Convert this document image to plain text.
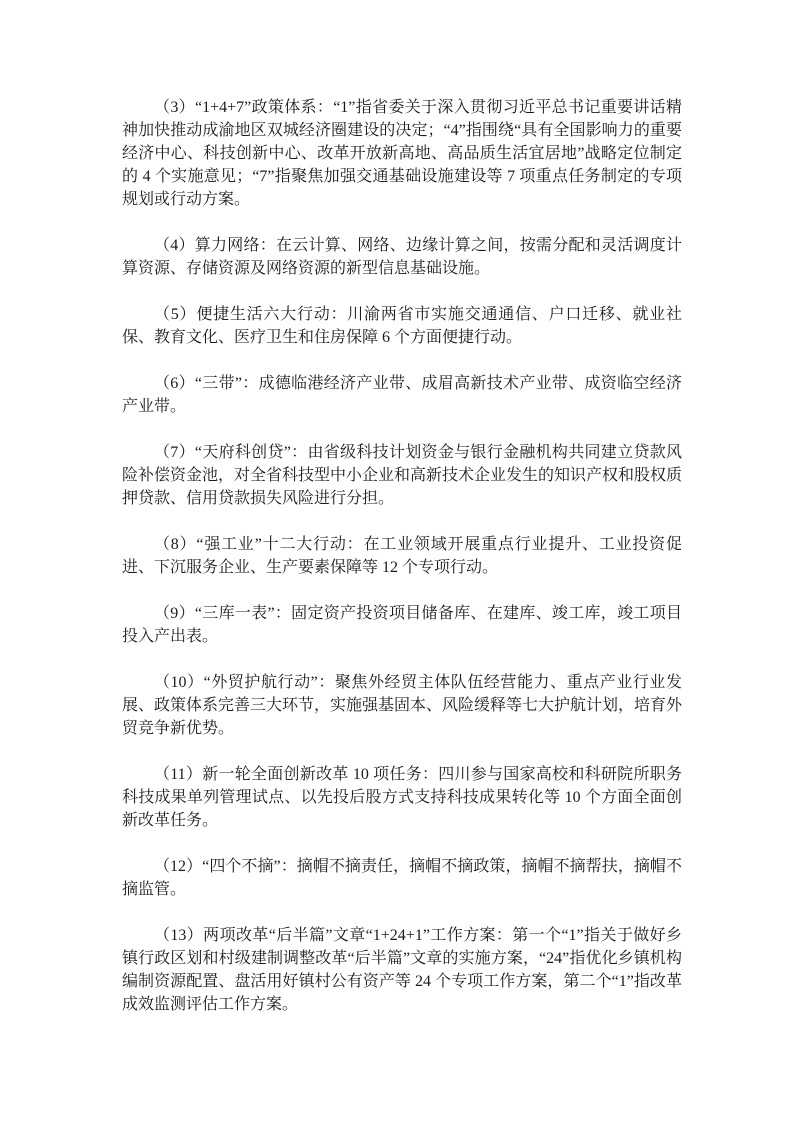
（3）“1+4+7”政策体系：“1”指省委关于深入贯彻习近平总书记重要讲话精神加快推动成渝地区双城经济圈建设的决定；“4”指围绕“具有全国影响力的重要经济中心、科技创新中心、改革开放新高地、高品质生活宜居地”战略定位制定的 4 个实施意见；“7”指聚焦加强交通基础设施建设等 7 项重点任务制定的专项规划或行动方案。

（4）算力网络：在云计算、网络、边缘计算之间，按需分配和灵活调度计算资源、存储资源及网络资源的新型信息基础设施。

（5）便捷生活六大行动：川渝两省市实施交通通信、户口迁移、就业社保、教育文化、医疗卫生和住房保障 6 个方面便捷行动。

（6）“三带”：成德临港经济产业带、成眉高新技术产业带、成资临空经济产业带。

（7）“天府科创贷”：由省级科技计划资金与银行金融机构共同建立贷款风险补偿资金池，对全省科技型中小企业和高新技术企业发生的知识产权和股权质押贷款、信用贷款损失风险进行分担。

（8）“强工业”十二大行动：在工业领域开展重点行业提升、工业投资促进、下沉服务企业、生产要素保障等 12 个专项行动。

（9）“三库一表”：固定资产投资项目储备库、在建库、竣工库，竣工项目投入产出表。

（10）“外贸护航行动”：聚焦外经贸主体队伍经营能力、重点产业行业发展、政策体系完善三大环节，实施强基固本、风险缓释等七大护航计划，培育外贸竞争新优势。

（11）新一轮全面创新改革 10 项任务：四川参与国家高校和科研院所职务科技成果单列管理试点、以先投后股方式支持科技成果转化等 10 个方面全面创新改革任务。

（12）“四个不摘”：摘帽不摘责任，摘帽不摘政策，摘帽不摘帮扶，摘帽不摘监管。

（13）两项改革“后半篇”文章“1+24+1”工作方案：第一个“1”指关于做好乡镇行政区划和村级建制调整改革“后半篇”文章的实施方案，“24”指优化乡镇机构编制资源配置、盘活用好镇村公有资产等 24 个专项工作方案，第二个“1”指改革成效监测评估工作方案。
